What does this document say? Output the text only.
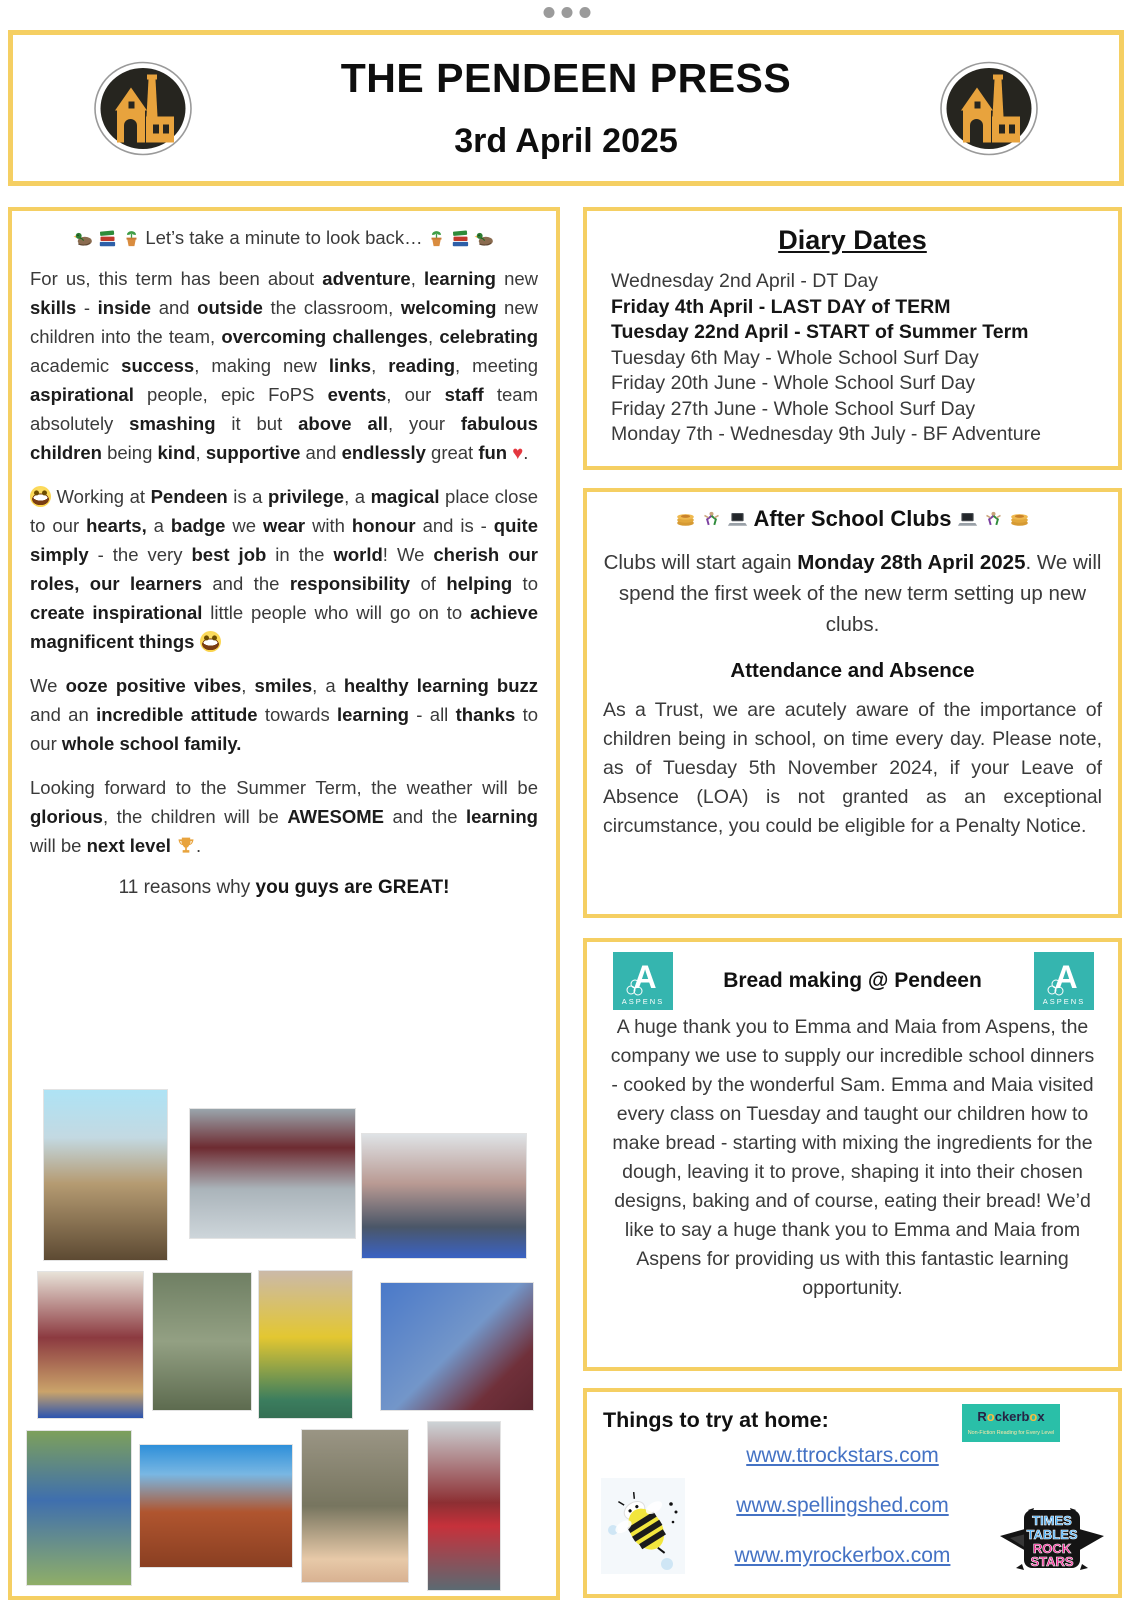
THE PENDEEN PRESS
3rd April 2025
Let’s take a minute to look back…

For us, this term has been about adventure, learning new skills - inside and outside the classroom, welcoming new children into the team, overcoming challenges, celebrating academic success, making new links, reading, meeting aspirational people, epic FoPS events, our staff team absolutely smashing it but above all, your fabulous children being kind, supportive and endlessly great fun ♥.

Working at Pendeen is a privilege, a magical place close to our hearts, a badge we wear with honour and is - quite simply - the very best job in the world! We cherish our roles, our learners and the responsibility of helping to create inspirational little people who will go on to achieve magnificent things

We ooze positive vibes, smiles, a healthy learning buzz and an incredible attitude towards learning - all thanks to our whole school family.

Looking forward to the Summer Term, the weather will be glorious, the children will be AWESOME and the learning will be next level .

11 reasons why you guys are GREAT!
Diary Dates
Wednesday 2nd April - DT Day
Friday 4th April - LAST DAY of TERM
Tuesday 22nd April - START of Summer Term
Tuesday 6th May - Whole School Surf Day
Friday 20th June - Whole School Surf Day
Friday 27th June - Whole School Surf Day
Monday 7th - Wednesday 9th July - BF Adventure
After School Clubs
Clubs will start again Monday 28th April 2025. We will spend the first week of the new term setting up new clubs.
Attendance and Absence
As a Trust, we are acutely aware of the importance of children being in school, on time every day. Please note, as of Tuesday 5th November 2024, if your Leave of Absence (LOA) is not granted as an exceptional circumstance, you could be eligible for a Penalty Notice.
A
ASPENS
A
ASPENS
Bread making @ Pendeen
A huge thank you to Emma and Maia from Aspens, the company we use to supply our incredible school dinners - cooked by the wonderful Sam. Emma and Maia visited every class on Tuesday and taught our children how to make bread - starting with mixing the ingredients for the dough, leaving it to prove, shaping it into their chosen designs, baking and of course, eating their bread! We’d like to say a huge thank you to Emma and Maia from Aspens for providing us with this fantastic learning opportunity.
Things to try at home:	Rockerbox
Non-Fiction Reading for Every Level
www.ttrockstars.com
www.spellingshed.com
www.myrockerbox.com
TIMES
TABLES
ROCK
STARS
